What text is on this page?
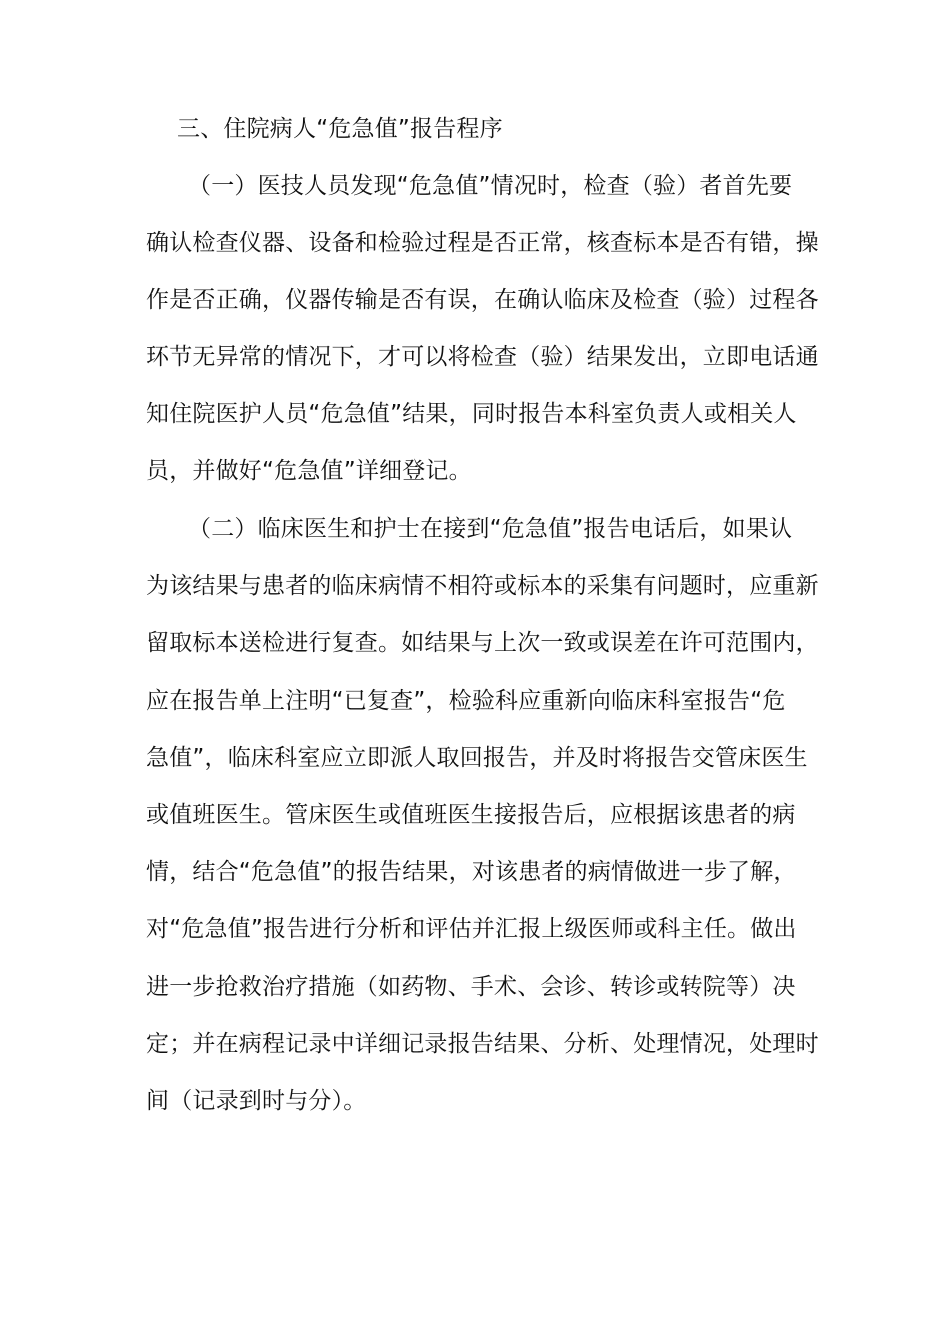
三、住院病人“危急值”报告程序
（一）医技人员发现“危急值”情况时，检查（验）者首先要
确认检查仪器、设备和检验过程是否正常，核查标本是否有错，操
作是否正确，仪器传输是否有误，在确认临床及检查（验）过程各
环节无异常的情况下，才可以将检查（验）结果发出，立即电话通
知住院医护人员“危急值”结果，同时报告本科室负责人或相关人
员，并做好“危急值”详细登记。
（二）临床医生和护士在接到“危急值”报告电话后，如果认
为该结果与患者的临床病情不相符或标本的采集有问题时，应重新
留取标本送检进行复查。如结果与上次一致或误差在许可范围内，
应在报告单上注明“已复查”，检验科应重新向临床科室报告“危
急值”，临床科室应立即派人取回报告，并及时将报告交管床医生
或值班医生。管床医生或值班医生接报告后，应根据该患者的病
情，结合“危急值”的报告结果，对该患者的病情做进一步了解，
对“危急值”报告进行分析和评估并汇报上级医师或科主任。做出
进一步抢救治疗措施（如药物、手术、会诊、转诊或转院等）决
定；并在病程记录中详细记录报告结果、分析、处理情况，处理时
间（记录到时与分）。
